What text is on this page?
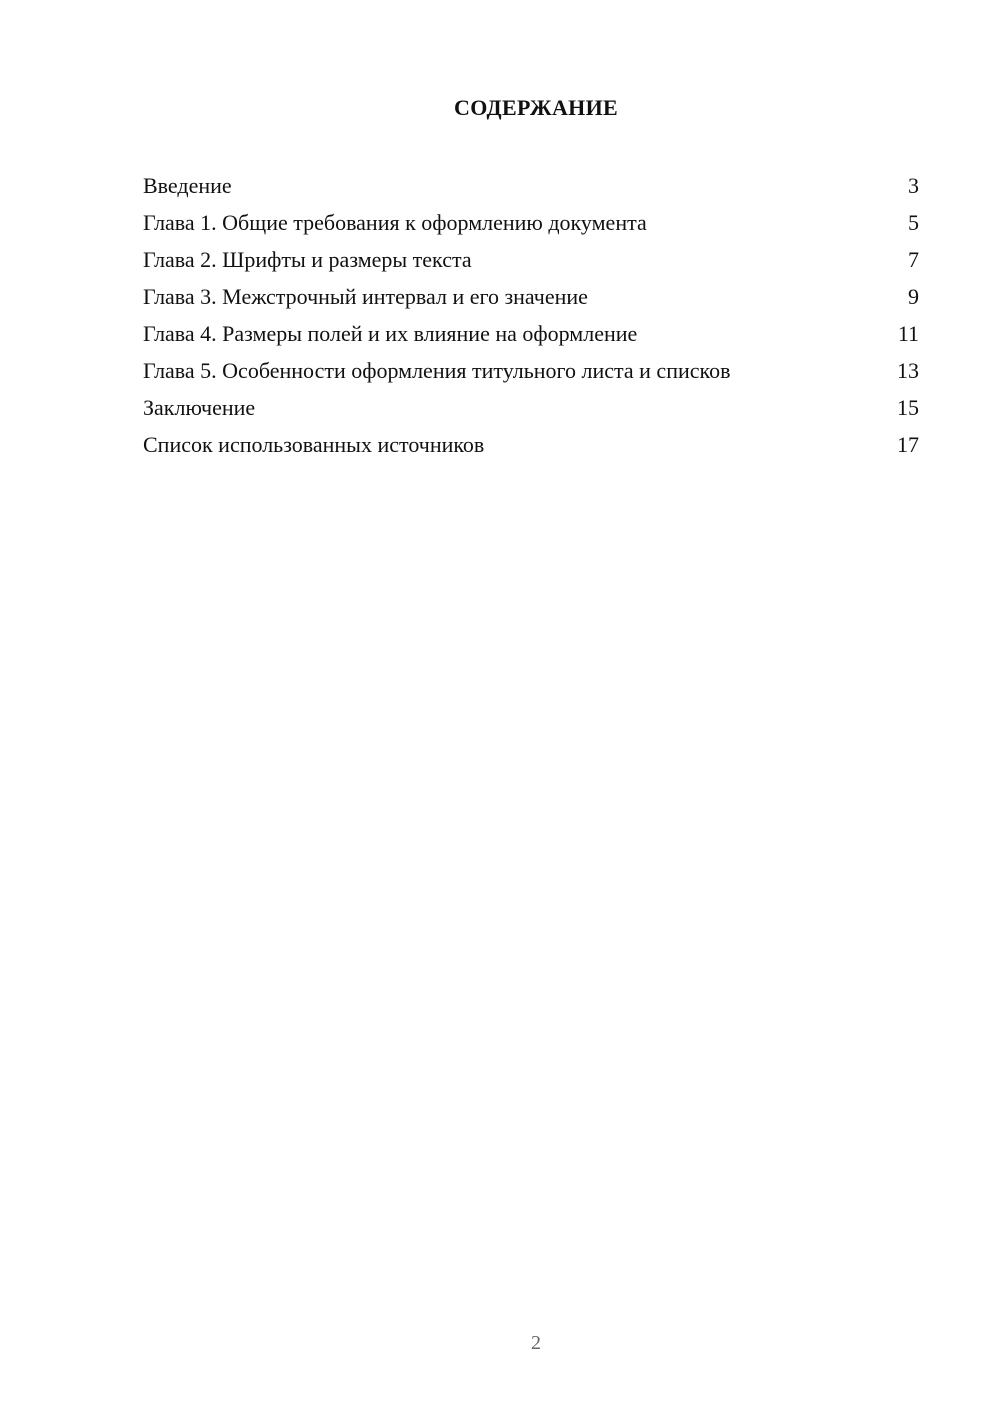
СОДЕРЖАНИЕ
Введение	3
Глава 1. Общие требования к оформлению документа	5
Глава 2. Шрифты и размеры текста	7
Глава 3. Межстрочный интервал и его значение	9
Глава 4. Размеры полей и их влияние на оформление	11
Глава 5. Особенности оформления титульного листа и списков	13
Заключение	15
Список использованных источников	17
2
